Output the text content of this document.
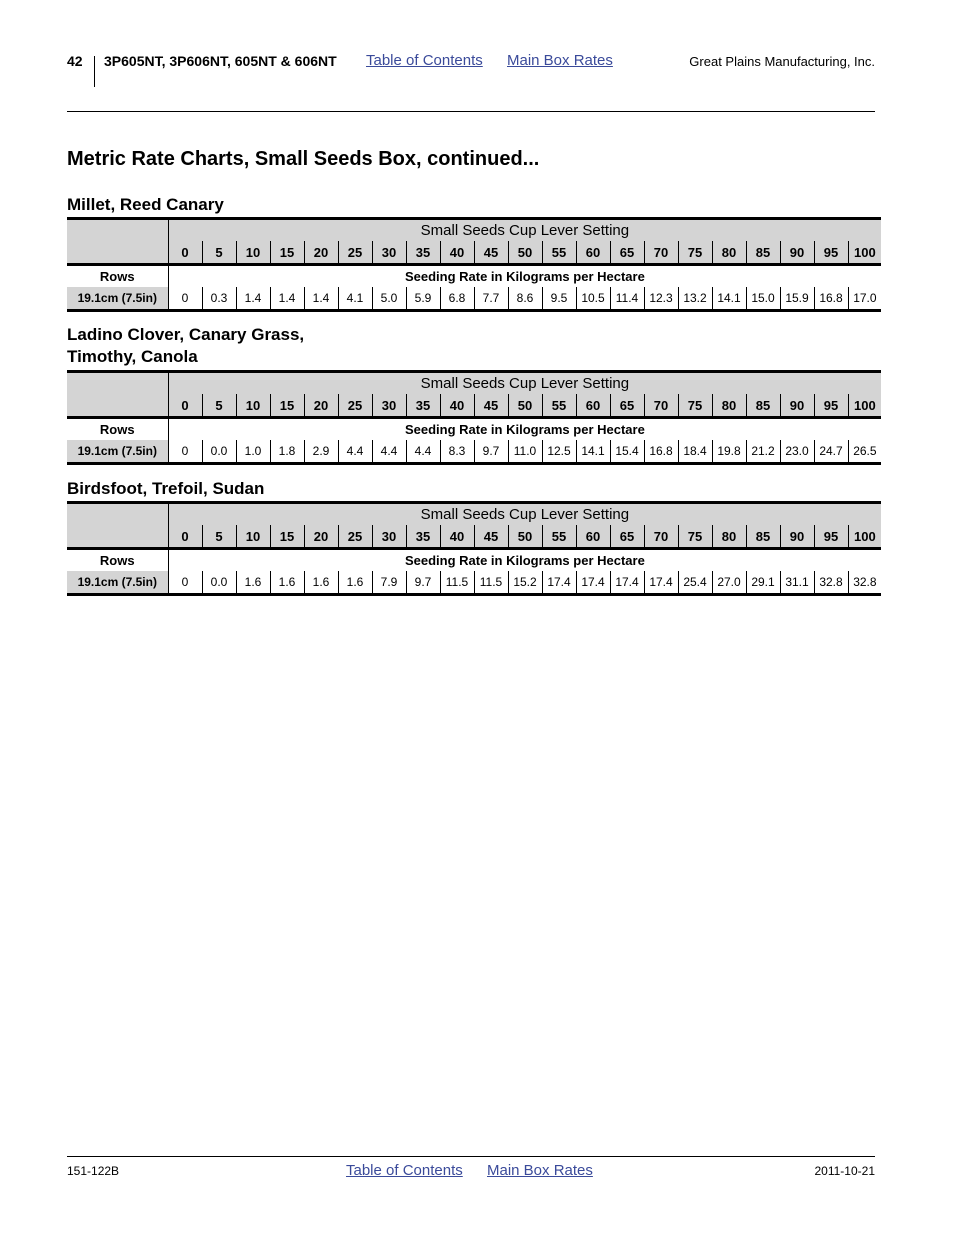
42 3P605NT, 3P606NT, 605NT & 606NT Table of Contents Main Box Rates	Great Plains Manufacturing, Inc.
Metric Rate Charts, Small Seeds Box, continued...
Millet, Reed Canary
	Small Seeds Cup Lever Setting																				
	0	5	10	15	20	25	30	35	40	45	50	55	60	65	70	75	80	85	90	95	100
Rows	Seeding Rate in Kilograms per Hectare																				
19.1cm (7.5in)	0	0.3	1.4	1.4	1.4	4.1	5.0	5.9	6.8	7.7	8.6	9.5	10.5	11.4	12.3	13.2	14.1	15.0	15.9	16.8	17.0
Ladino Clover, Canary Grass,
Timothy, Canola
	Small Seeds Cup Lever Setting																				
	0	5	10	15	20	25	30	35	40	45	50	55	60	65	70	75	80	85	90	95	100
Rows	Seeding Rate in Kilograms per Hectare																				
19.1cm (7.5in)	0	0.0	1.0	1.8	2.9	4.4	4.4	4.4	8.3	9.7	11.0	12.5	14.1	15.4	16.8	18.4	19.8	21.2	23.0	24.7	26.5
Birdsfoot, Trefoil, Sudan
	Small Seeds Cup Lever Setting																				
	0	5	10	15	20	25	30	35	40	45	50	55	60	65	70	75	80	85	90	95	100
Rows	Seeding Rate in Kilograms per Hectare																				
19.1cm (7.5in)	0	0.0	1.6	1.6	1.6	1.6	7.9	9.7	11.5	11.5	15.2	17.4	17.4	17.4	17.4	25.4	27.0	29.1	31.1	32.8	32.8
151-122B	Table of Contents Main Box Rates	2011-10-21
